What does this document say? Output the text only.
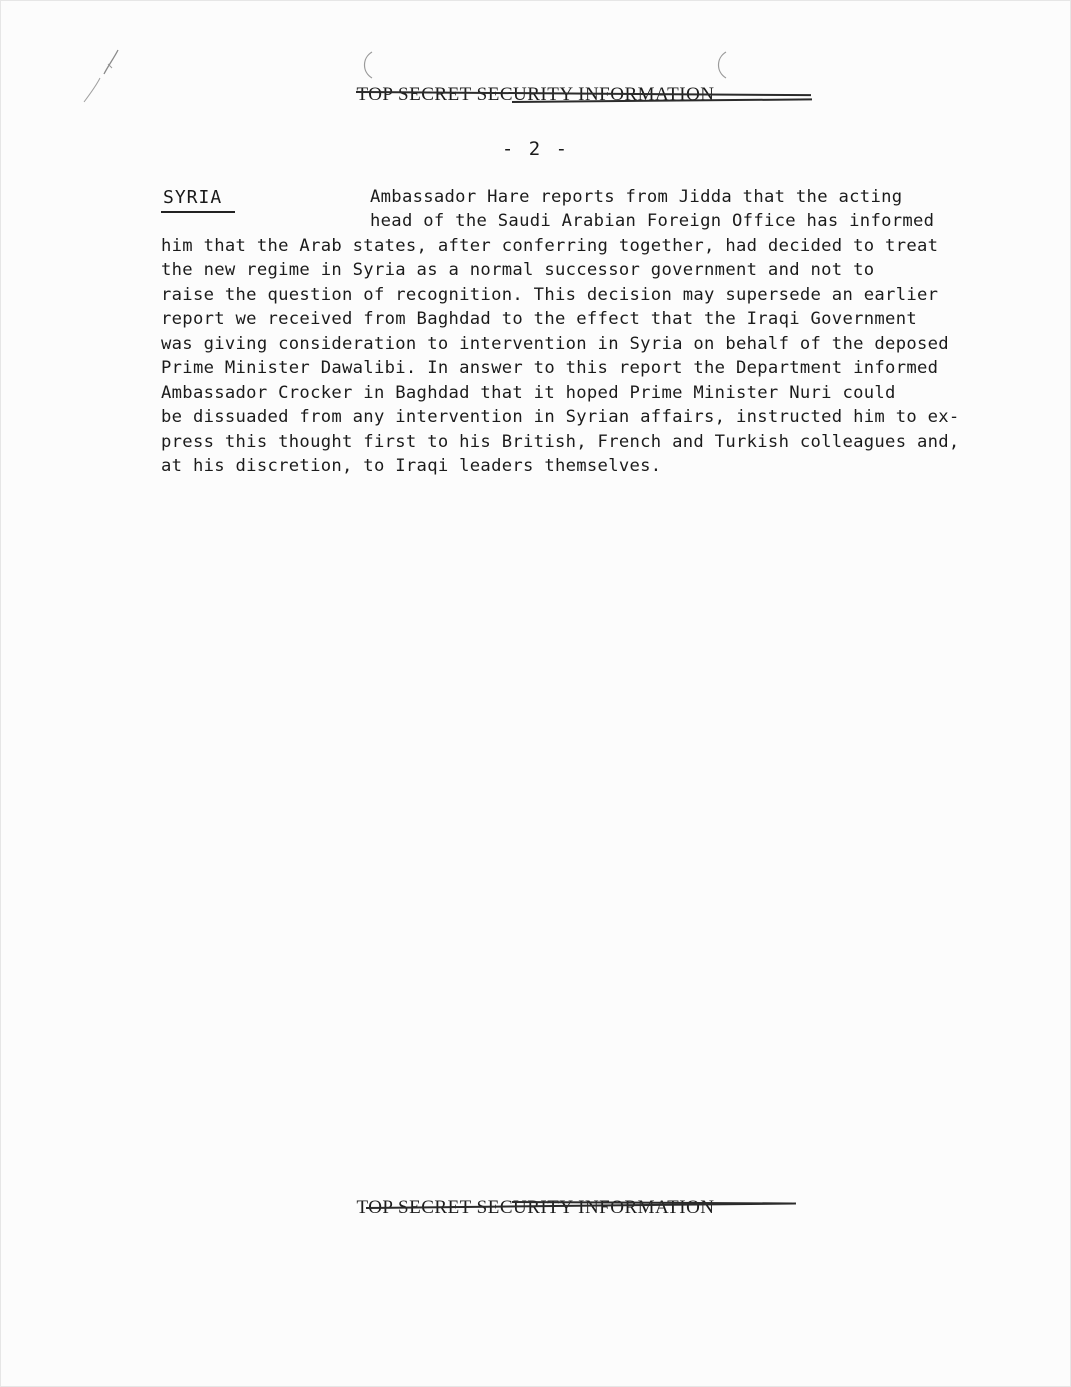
TOP SECRET SECURITY INFORMATION
- 2 -
SYRIA	Ambassador Hare reports from Jidda that the acting
head of the Saudi Arabian Foreign Office has informed
him that the Arab states, after conferring together, had decided to treat
the new regime in Syria as a normal successor government and not to
raise the question of recognition. This decision may supersede an earlier
report we received from Baghdad to the effect that the Iraqi Government
was giving consideration to intervention in Syria on behalf of the deposed
Prime Minister Dawalibi. In answer to this report the Department informed
Ambassador Crocker in Baghdad that it hoped Prime Minister Nuri could
be dissuaded from any intervention in Syrian affairs, instructed him to ex-
press this thought first to his British, French and Turkish colleagues and,
at his discretion, to Iraqi leaders themselves.
TOP SECRET SECURITY INFORMATION
